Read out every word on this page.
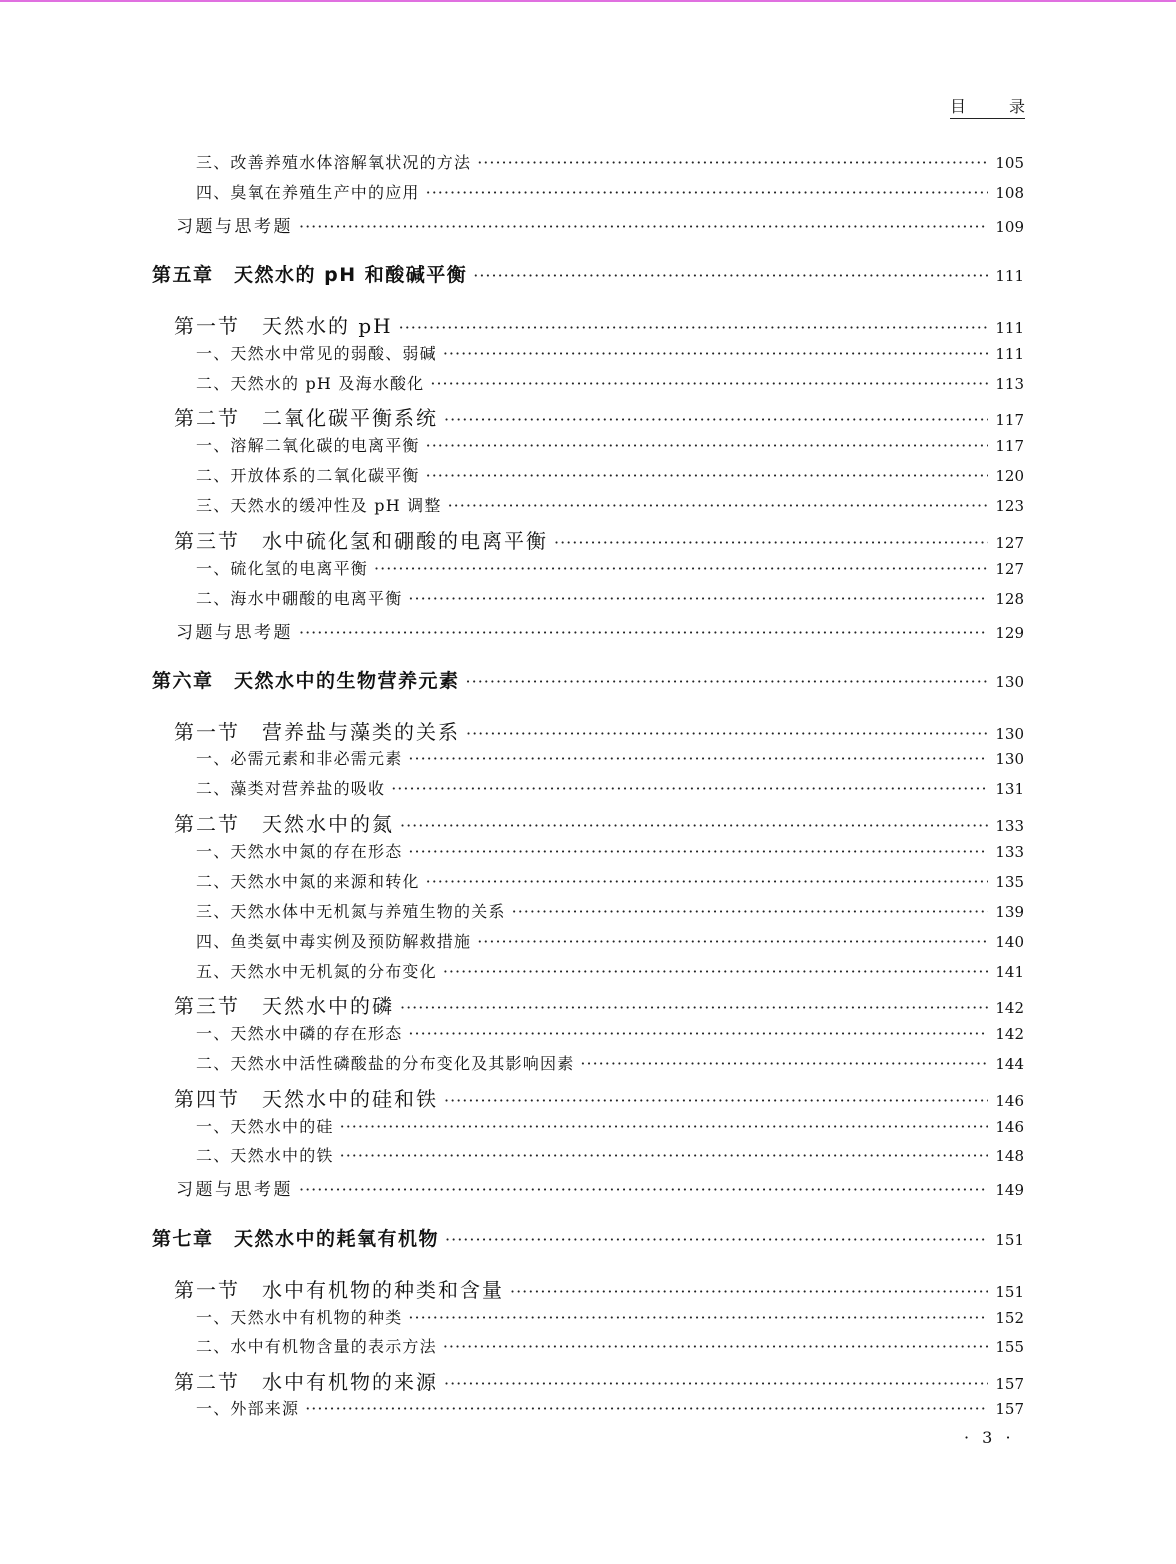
目	录
三、改善养殖水体溶解氧状况的方法 ·····	105
四、臭氧在养殖生产中的应用 ·····	108
习题与思考题 ·····	109
第五章　天然水的 pH 和酸碱平衡 ·····	111
第一节　天然水的 pH ·····	111
一、天然水中常见的弱酸、弱碱 ·····	111
二、天然水的 pH 及海水酸化 ·····	113
第二节　二氧化碳平衡系统 ·····	117
一、溶解二氧化碳的电离平衡 ·····	117
二、开放体系的二氧化碳平衡 ·····	120
三、天然水的缓冲性及 pH 调整 ·····	123
第三节　水中硫化氢和硼酸的电离平衡 ·····	127
一、硫化氢的电离平衡 ·····	127
二、海水中硼酸的电离平衡 ·····	128
习题与思考题 ·····	129
第六章　天然水中的生物营养元素 ·····	130
第一节　营养盐与藻类的关系 ·····	130
一、必需元素和非必需元素 ·····	130
二、藻类对营养盐的吸收 ·····	131
第二节　天然水中的氮 ·····	133
一、天然水中氮的存在形态 ·····	133
二、天然水中氮的来源和转化 ·····	135
三、天然水体中无机氮与养殖生物的关系 ·····	139
四、鱼类氨中毒实例及预防解救措施 ·····	140
五、天然水中无机氮的分布变化 ·····	141
第三节　天然水中的磷 ·····	142
一、天然水中磷的存在形态 ·····	142
二、天然水中活性磷酸盐的分布变化及其影响因素 ·····	144
第四节　天然水中的硅和铁 ·····	146
一、天然水中的硅 ·····	146
二、天然水中的铁 ·····	148
习题与思考题 ·····	149
第七章　天然水中的耗氧有机物 ·····	151
第一节　水中有机物的种类和含量 ·····	151
一、天然水中有机物的种类 ·····	152
二、水中有机物含量的表示方法 ·····	155
第二节　水中有机物的来源 ·····	157
一、外部来源 ·····	157
· 3 ·
